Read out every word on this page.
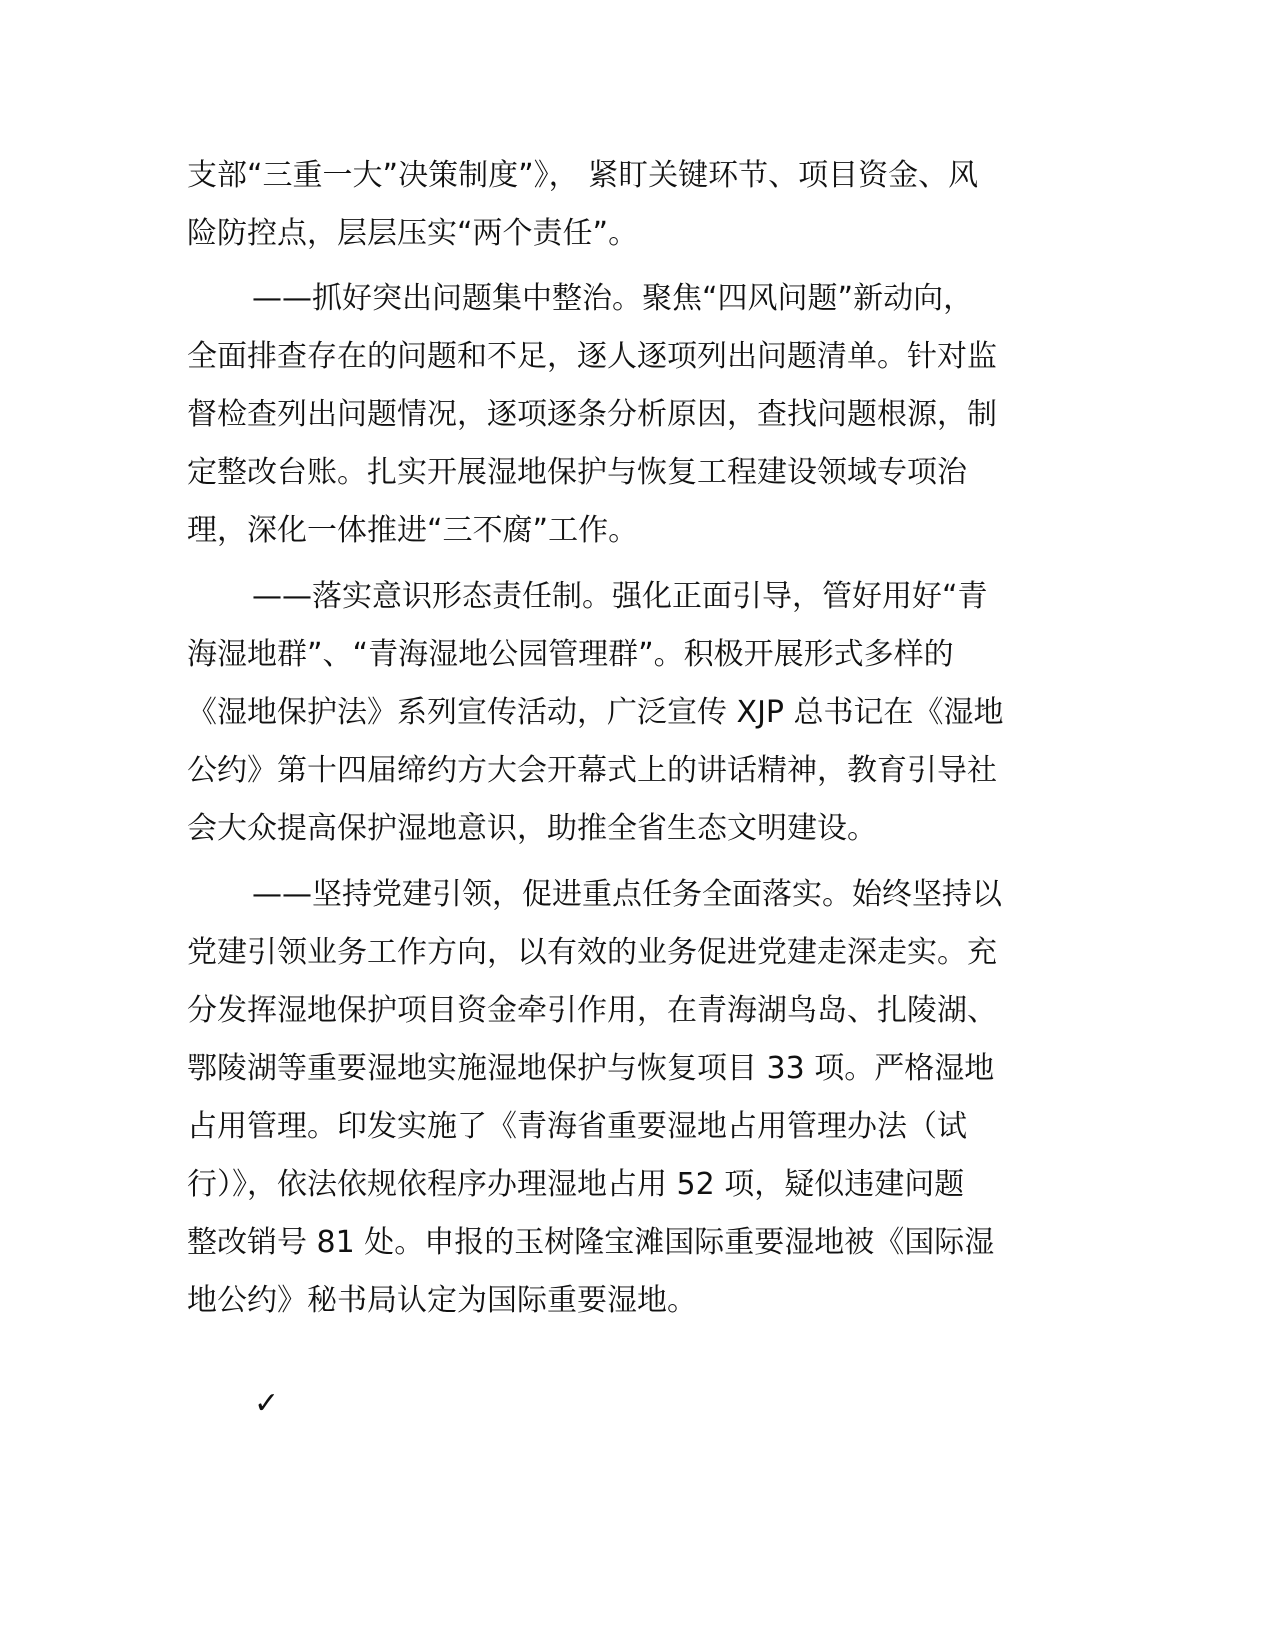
支部“三重一大”决策制度”》， 紧盯关键环节、项目资金、风
险防控点，层层压实“两个责任”。
——抓好突出问题集中整治。聚焦“四风问题”新动向，
全面排查存在的问题和不足，逐人逐项列出问题清单。针对监
督检查列出问题情况，逐项逐条分析原因，查找问题根源，制
定整改台账。扎实开展湿地保护与恢复工程建设领域专项治
理，深化一体推进“三不腐”工作。
——落实意识形态责任制。强化正面引导，管好用好“青
海湿地群”、“青海湿地公园管理群”。积极开展形式多样的
《湿地保护法》系列宣传活动，广泛宣传 XJP 总书记在《湿地
公约》第十四届缔约方大会开幕式上的讲话精神，教育引导社
会大众提高保护湿地意识，助推全省生态文明建设。
——坚持党建引领，促进重点任务全面落实。始终坚持以
党建引领业务工作方向，以有效的业务促进党建走深走实。充
分发挥湿地保护项目资金牵引作用，在青海湖鸟岛、扎陵湖、
鄂陵湖等重要湿地实施湿地保护与恢复项目 33 项。严格湿地
占用管理。印发实施了《青海省重要湿地占用管理办法（试
行）》，依法依规依程序办理湿地占用 52 项，疑似违建问题
整改销号 81 处。申报的玉树隆宝滩国际重要湿地被《国际湿
地公约》秘书局认定为国际重要湿地。
✓
